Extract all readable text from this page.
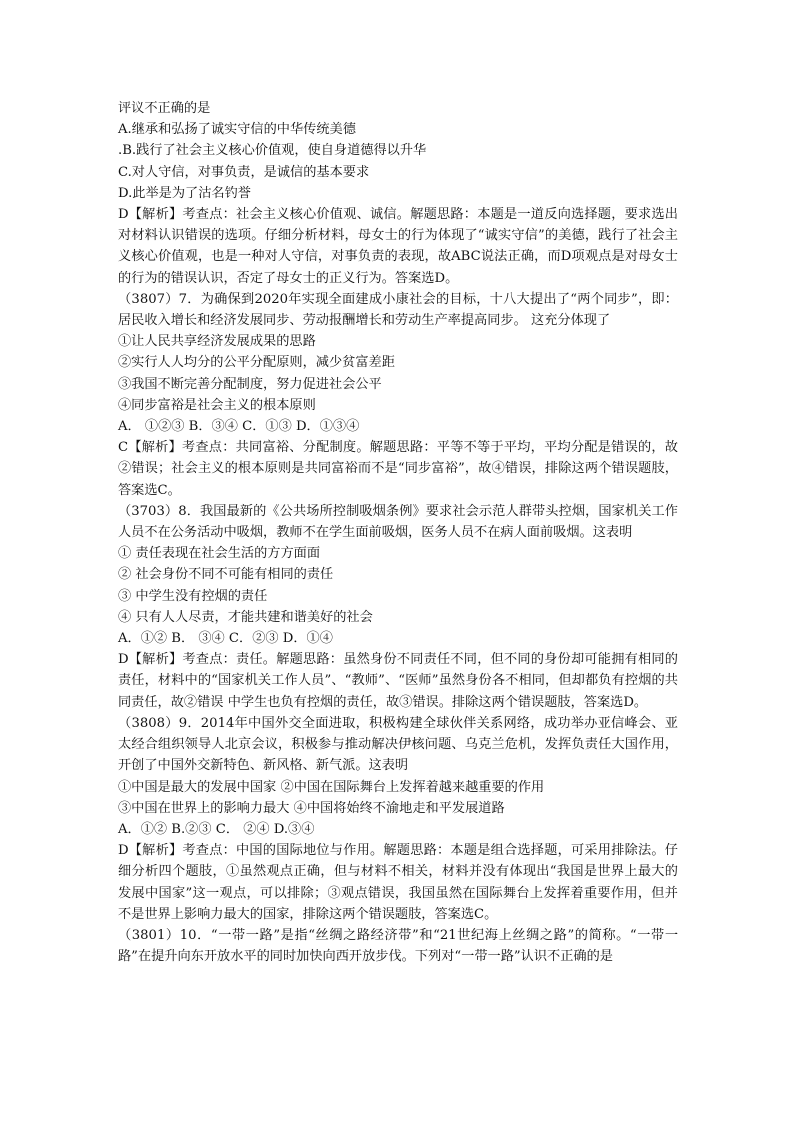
评议不正确的是
A.继承和弘扬了诚实守信的中华传统美德
.B.践行了社会主义核心价值观，使自身道德得以升华
C.对人守信，对事负责，是诚信的基本要求
D.此举是为了沽名钓誉

D【解析】考查点：社会主义核心价值观、诚信。解题思路：本题是一道反向选择题，要求选出对材料认识错误的选项。仔细分析材料，母女士的行为体现了“诚实守信”的美德，践行了社会主义核心价值观，也是一种对人守信，对事负责的表现，故ABC说法正确，而D项观点是对母女士的行为的错误认识，否定了母女士的正义行为。答案选D。

（3807）7．为确保到2020年实现全面建成小康社会的目标，十八大提出了“两个同步”，即：居民收入增长和经济发展同步、劳动报酬增长和劳动生产率提高同步。 这充分体现了

①让人民共享经济发展成果的思路
②实行人人均分的公平分配原则，减少贫富差距
③我国不断完善分配制度，努力促进社会公平
④同步富裕是社会主义的根本原则
A． ①②③ B．③④ C．①③ D．①③④

C【解析】考查点：共同富裕、分配制度。解题思路：平等不等于平均，平均分配是错误的，故②错误；社会主义的根本原则是共同富裕而不是“同步富裕”，故④错误，排除这两个错误题肢，答案选C。

（3703）8．我国最新的《公共场所控制吸烟条例》要求社会示范人群带头控烟，国家机关工作人员不在公务活动中吸烟，教师不在学生面前吸烟，医务人员不在病人面前吸烟。这表明

① 责任表现在社会生活的方方面面
② 社会身份不同不可能有相同的责任
③ 中学生没有控烟的责任
④ 只有人人尽责，才能共建和谐美好的社会
A．①② B． ③④ C．②③ D．①④

D【解析】考查点：责任。解题思路：虽然身份不同责任不同，但不同的身份却可能拥有相同的责任，材料中的“国家机关工作人员”、“教师”、“医师”虽然身份各不相同，但却都负有控烟的共同责任，故②错误 中学生也负有控烟的责任，故③错误。排除这两个错误题肢，答案选D。

（3808）9．2014年中国外交全面进取，积极构建全球伙伴关系网络，成功举办亚信峰会、亚太经合组织领导人北京会议，积极参与推动解决伊核问题、乌克兰危机，发挥负责任大国作用，开创了中国外交新特色、新风格、新气派。这表明

①中国是最大的发展中国家 ②中国在国际舞台上发挥着越来越重要的作用
③中国在世界上的影响力最大 ④中国将始终不渝地走和平发展道路
A．①② B.②③ C． ②④ D.③④

D【解析】考查点：中国的国际地位与作用。解题思路：本题是组合选择题，可采用排除法。仔细分析四个题肢，①虽然观点正确，但与材料不相关，材料并没有体现出“我国是世界上最大的发展中国家”这一观点，可以排除；③观点错误，我国虽然在国际舞台上发挥着重要作用，但并不是世界上影响力最大的国家，排除这两个错误题肢，答案选C。

（3801）10．“一带一路”是指“丝绸之路经济带”和“21世纪海上丝绸之路”的简称。“一带一路”在提升向东开放水平的同时加快向西开放步伐。下列对“一带一路”认识不正确的是
